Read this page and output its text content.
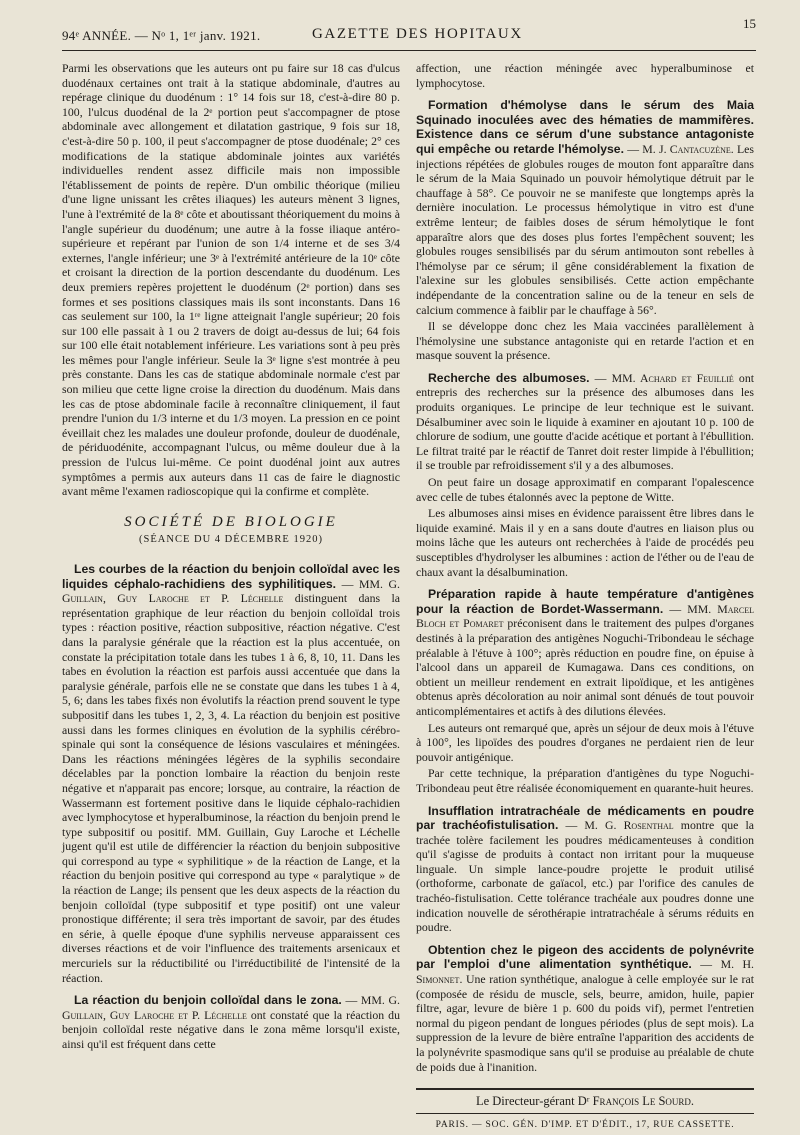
94ᵉ ANNÉE. — Nᵒ 1, 1ᵉʳ janv. 1921.	GAZETTE DES HOPITAUX
15

Parmi les observations que les auteurs ont pu faire sur 18 cas d'ulcus duodénaux certaines ont trait à la statique abdominale, d'autres au repérage clinique du duodénum : 1° 14 fois sur 18, c'est-à-dire 80 p. 100, l'ulcus duodénal de la 2ᵉ portion peut s'accompagner de ptose abdominale avec allongement et dilatation gastrique, 9 fois sur 18, c'est-à-dire 50 p. 100, il peut s'accompagner de ptose duodénale; 2° ces modifications de la statique abdominale jointes aux variétés individuelles rendent assez difficile mais non impossible l'établissement de points de repère. D'un ombilic théorique (milieu d'une ligne unissant les crêtes iliaques) les auteurs mènent 3 lignes, l'une à l'extrémité de la 8ᵉ côte et aboutissant théoriquement du moins à l'angle supérieur du duodénum; une autre à la fosse iliaque antéro-supérieure et repérant par l'union de son 1/4 interne et de ses 3/4 externes, l'angle inférieur; une 3ᵉ à l'extrémité antérieure de la 10ᵉ côte et croisant la direction de la portion descendante du duodénum. Les deux premiers repères projettent le duodénum (2ᵉ portion) dans ses formes et ses positions classiques mais ils sont inconstants. Dans 16 cas seulement sur 100, la 1ʳᵉ ligne atteignait l'angle supérieur; 20 fois sur 100 elle passait à 1 ou 2 travers de doigt au-dessus de lui; 64 fois sur 100 elle était notablement inférieure. Les variations sont à peu près les mêmes pour l'angle inférieur. Seule la 3ᵉ ligne s'est montrée à peu près constante. Dans les cas de statique abdominale normale c'est par son milieu que cette ligne croise la direction du duodénum. Mais dans les cas de ptose abdominale facile à reconnaître cliniquement, il faut prendre l'union du 1/3 interne et du 1/3 moyen. La pression en ce point éveillait chez les malades une douleur profonde, douleur de duodénale, de périduodénite, accompagnant l'ulcus, ou même douleur due à la pression de l'ulcus lui-même. Ce point duodénal joint aux autres symptômes a permis aux auteurs dans 11 cas de faire le diagnostic avant même l'examen radioscopique qui la confirme et complète.

SOCIÉTÉ DE BIOLOGIE
(SÉANCE DU 4 DÉCEMBRE 1920)

Les courbes de la réaction du benjoin colloïdal avec les liquides céphalo-rachidiens des syphilitiques. — MM. G. Guillain, Guy Laroche et P. Léchelle distinguent dans la représentation graphique de leur réaction du benjoin colloïdal trois types : réaction positive, réaction subpositive, réaction négative. C'est dans la paralysie générale que la réaction est la plus accentuée, on constate la précipitation totale dans les tubes 1 à 6, 8, 10, 11. Dans les tabes en évolution la réaction est parfois aussi accentuée que dans la paralysie générale, parfois elle ne se constate que dans les tubes 1 à 4, 5, 6; dans les tabes fixés non évolutifs la réaction prend souvent le type subpositif dans les tubes 1, 2, 3, 4. La réaction du benjoin est positive aussi dans les formes cliniques en évolution de la syphilis cérébro-spinale qui sont la conséquence de lésions vasculaires et méningées. Dans les réactions méningées légères de la syphilis secondaire décelables par la ponction lombaire la réaction du benjoin reste négative et n'apparait pas encore; lorsque, au contraire, la réaction de Wassermann est fortement positive dans le liquide céphalo-rachidien avec lymphocytose et hyperalbuminose, la réaction du benjoin prend le type subpositif ou positif. MM. Guillain, Guy Laroche et Léchelle jugent qu'il est utile de différencier la réaction du benjoin subpositive qui correspond au type « syphilitique » de la réaction de Lange, et la réaction du benjoin positive qui correspond au type « paralytique » de la réaction de Lange; ils pensent que les deux aspects de la réaction du benjoin colloïdal (type subpositif et type positif) ont une valeur pronostique différente; il sera très important de savoir, par des études en série, à quelle époque d'une syphilis nerveuse apparaissent ces diverses réactions et de voir l'influence des traitements arsenicaux et mercuriels sur la réductibilité ou l'irréductibilité de l'intensité de la réaction.

La réaction du benjoin colloïdal dans le zona. — MM. G. Guillain, Guy Laroche et P. Léchelle ont constaté que la réaction du benjoin colloïdal reste négative dans le zona même lorsqu'il existe, ainsi qu'il est fréquent dans cette

affection, une réaction méningée avec hyperalbuminose et lymphocytose.

Formation d'hémolyse dans le sérum des Maia Squinado inoculées avec des hématies de mammifères. Existence dans ce sérum d'une substance antagoniste qui empêche ou retarde l'hémolyse. — M. J. Cantacuzène. Les injections répétées de globules rouges de mouton font apparaître dans le sérum de la Maia Squinado un pouvoir hémolytique détruit par le chauffage à 58°. Ce pouvoir ne se manifeste que longtemps après la dernière inoculation. Le processus hémolytique in vitro est d'une extrême lenteur; de faibles doses de sérum hémolytique le font apparaître alors que des doses plus fortes l'empêchent souvent; les globules rouges sensibilisés par du sérum antimouton sont rebelles à l'hémolyse par ce sérum; il gêne considérablement la fixation de l'alexine sur les globules sensibilisés. Cette action empêchante indépendante de la concentration saline ou de la teneur en sels de calcium commence à faiblir par le chauffage à 56°.

Il se développe donc chez les Maia vaccinées parallèlement à l'hémolysine une substance antagoniste qui en retarde l'action et en masque souvent la présence.

Recherche des albumoses. — MM. Achard et Feuillié ont entrepris des recherches sur la présence des albumoses dans les produits organiques. Le principe de leur technique est le suivant. Désalbuminer avec soin le liquide à examiner en ajoutant 10 p. 100 de chlorure de sodium, une goutte d'acide acétique et portant à l'ébullition. Le filtrat traité par le réactif de Tanret doit rester limpide à l'ébullition; il se trouble par refroidissement s'il y a des albumoses.

On peut faire un dosage approximatif en comparant l'opalescence avec celle de tubes étalonnés avec la peptone de Witte.

Les albumoses ainsi mises en évidence paraissent être libres dans le liquide examiné. Mais il y en a sans doute d'autres en liaison plus ou moins lâche que les auteurs ont recherchées à l'aide de procédés peu susceptibles d'hydrolyser les albumines : action de l'éther ou de l'eau de chaux avant la désalbumination.

Préparation rapide à haute température d'antigènes pour la réaction de Bordet-Wassermann. — MM. Marcel Bloch et Pomaret préconisent dans le traitement des pulpes d'organes destinés à la préparation des antigènes Noguchi-Tribondeau le séchage préalable à l'étuve à 100°; après réduction en poudre fine, on épuise à l'alcool dans un appareil de Kumagawa. Dans ces conditions, on obtient un meilleur rendement en extrait lipoïdique, et les antigènes obtenus après décoloration au noir animal sont dénués de tout pouvoir anticomplémentaires et actifs à des dilutions élevées.

Les auteurs ont remarqué que, après un séjour de deux mois à l'étuve à 100°, les lipoïdes des poudres d'organes ne perdaient rien de leur pouvoir antigénique.

Par cette technique, la préparation d'antigènes du type Noguchi-Tribondeau peut être réalisée économiquement en quarante-huit heures.

Insufflation intratrachéale de médicaments en poudre par trachéofistulisation. — M. G. Rosenthal montre que la trachée tolère facilement les poudres médicamenteuses à condition qu'il s'agisse de produits à contact non irritant pour la muqueuse linguale. Un simple lance-poudre projette le produit utilisé (orthoforme, carbonate de gaïacol, etc.) par l'orifice des canules de trachéo-fistulisation. Cette tolérance trachéale aux poudres donne une indication nouvelle de sérothérapie intratrachéale à sérums réduits en poudre.

Obtention chez le pigeon des accidents de polynévrite par l'emploi d'une alimentation synthétique. — M. H. Simonnet. Une ration synthétique, analogue à celle employée sur le rat (composée de résidu de muscle, sels, beurre, amidon, huile, papier filtre, agar, levure de bière 1 p. 600 du poids vif), permet l'entretien normal du pigeon pendant de longues périodes (plus de sept mois). La suppression de la levure de bière entraîne l'apparition des accidents de la polynévrite spasmodique sans qu'il se produise au préalable de chute de poids due à l'inanition.

Le Directeur-gérant Dʳ François Le Sourd.
PARIS. — SOC. GÉN. D'IMP. ET D'ÉDIT., 17, RUE CASSETTE.
